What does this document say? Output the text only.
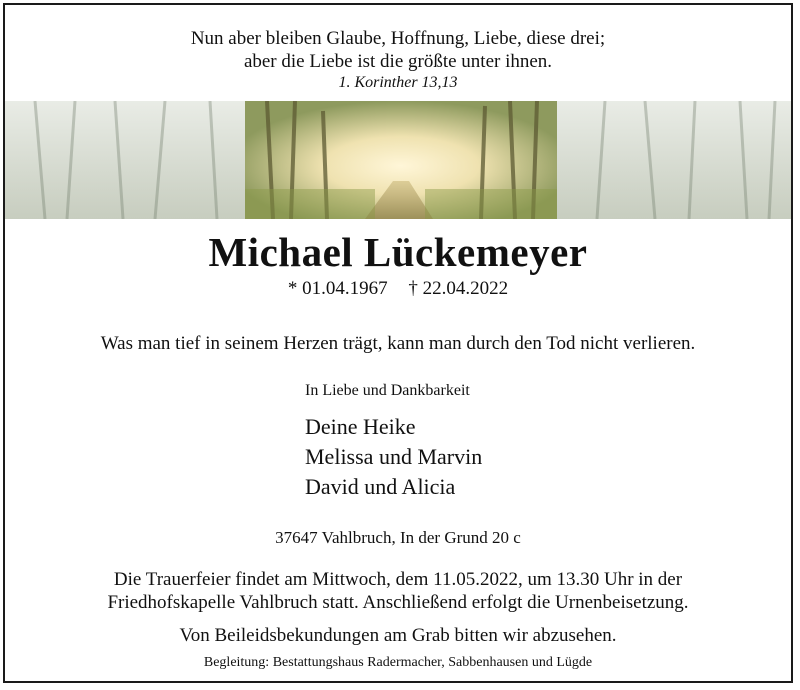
Nun aber bleiben Glaube, Hoffnung, Liebe, diese drei;
aber die Liebe ist die größte unter ihnen.
1. Korinther 13,13
Michael Lückemeyer
* 01.04.1967 † 22.04.2022
Was man tief in seinem Herzen trägt, kann man durch den Tod nicht verlieren.
In Liebe und Dankbarkeit
Deine Heike
Melissa und Marvin
David und Alicia
37647 Vahlbruch, In der Grund 20 c
Die Trauerfeier findet am Mittwoch, dem 11.05.2022, um 13.30 Uhr in der
Friedhofskapelle Vahlbruch statt. Anschließend erfolgt die Urnenbeisetzung.
Von Beileidsbekundungen am Grab bitten wir abzusehen.
Begleitung: Bestattungshaus Radermacher, Sabbenhausen und Lügde
